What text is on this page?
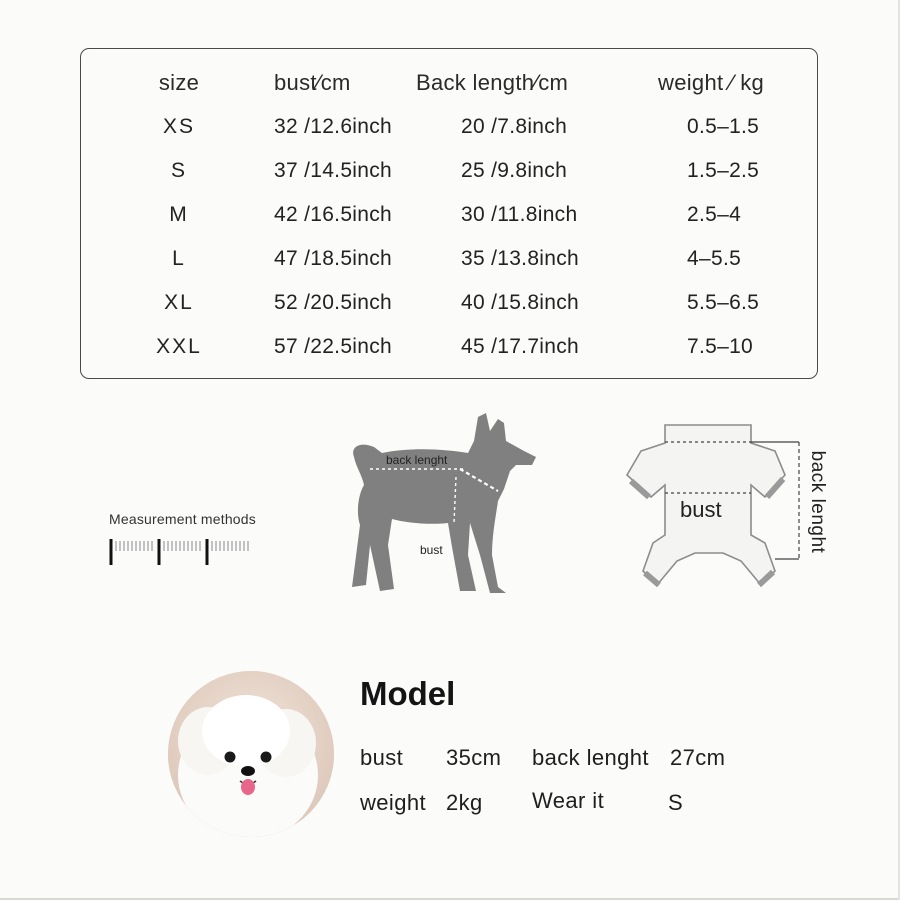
size	bust⁄cm	Back length⁄cm	weight ⁄ kg
XS	32 /12.6inch	20 /7.8inch	0.5–1.5
S	37 /14.5inch	25 /9.8inch	1.5–2.5
M	42 /16.5inch	30 /11.8inch	2.5–4
L	47 /18.5inch	35 /13.8inch	4–5.5
XL	52 /20.5inch	40 /15.8inch	5.5–6.5
XXL	57 /22.5inch	45 /17.7inch	7.5–10
Measurement methods
back lenght
bust
bust	back lenght
Model
bust 35cm back lenght 27cm
weight 2kg Wear it	S
